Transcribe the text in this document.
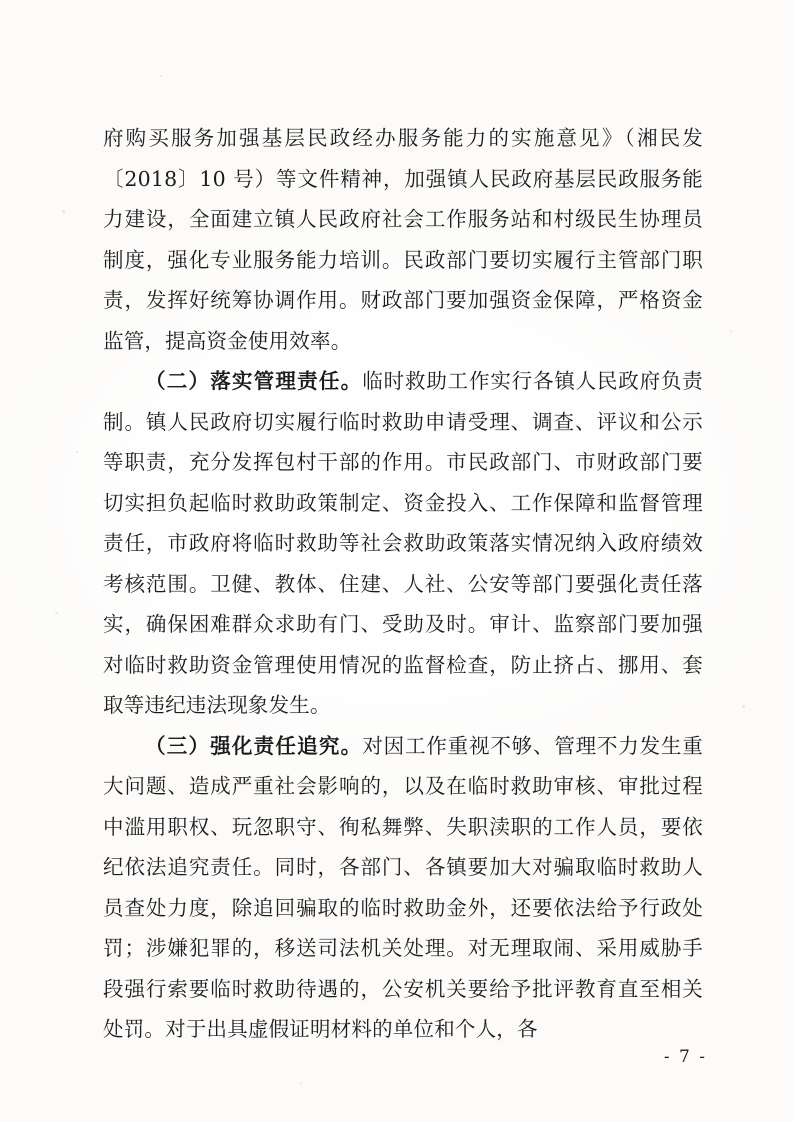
府购买服务加强基层民政经办服务能力的实施意见》（湘民发〔2018〕10 号）等文件精神，加强镇人民政府基层民政服务能力建设，全面建立镇人民政府社会工作服务站和村级民生协理员制度，强化专业服务能力培训。民政部门要切实履行主管部门职责，发挥好统筹协调作用。财政部门要加强资金保障，严格资金监管，提高资金使用效率。

（二）落实管理责任。临时救助工作实行各镇人民政府负责制。镇人民政府切实履行临时救助申请受理、调查、评议和公示等职责，充分发挥包村干部的作用。市民政部门、市财政部门要切实担负起临时救助政策制定、资金投入、工作保障和监督管理责任，市政府将临时救助等社会救助政策落实情况纳入政府绩效考核范围。卫健、教体、住建、人社、公安等部门要强化责任落实，确保困难群众求助有门、受助及时。审计、监察部门要加强对临时救助资金管理使用情况的监督检查，防止挤占、挪用、套取等违纪违法现象发生。

（三）强化责任追究。对因工作重视不够、管理不力发生重大问题、造成严重社会影响的，以及在临时救助审核、审批过程中滥用职权、玩忽职守、徇私舞弊、失职渎职的工作人员，要依纪依法追究责任。同时，各部门、各镇要加大对骗取临时救助人员查处力度，除追回骗取的临时救助金外，还要依法给予行政处罚；涉嫌犯罪的，移送司法机关处理。对无理取闹、采用威胁手段强行索要临时救助待遇的，公安机关要给予批评教育直至相关处罚。对于出具虚假证明材料的单位和个人，各

- 7 -
